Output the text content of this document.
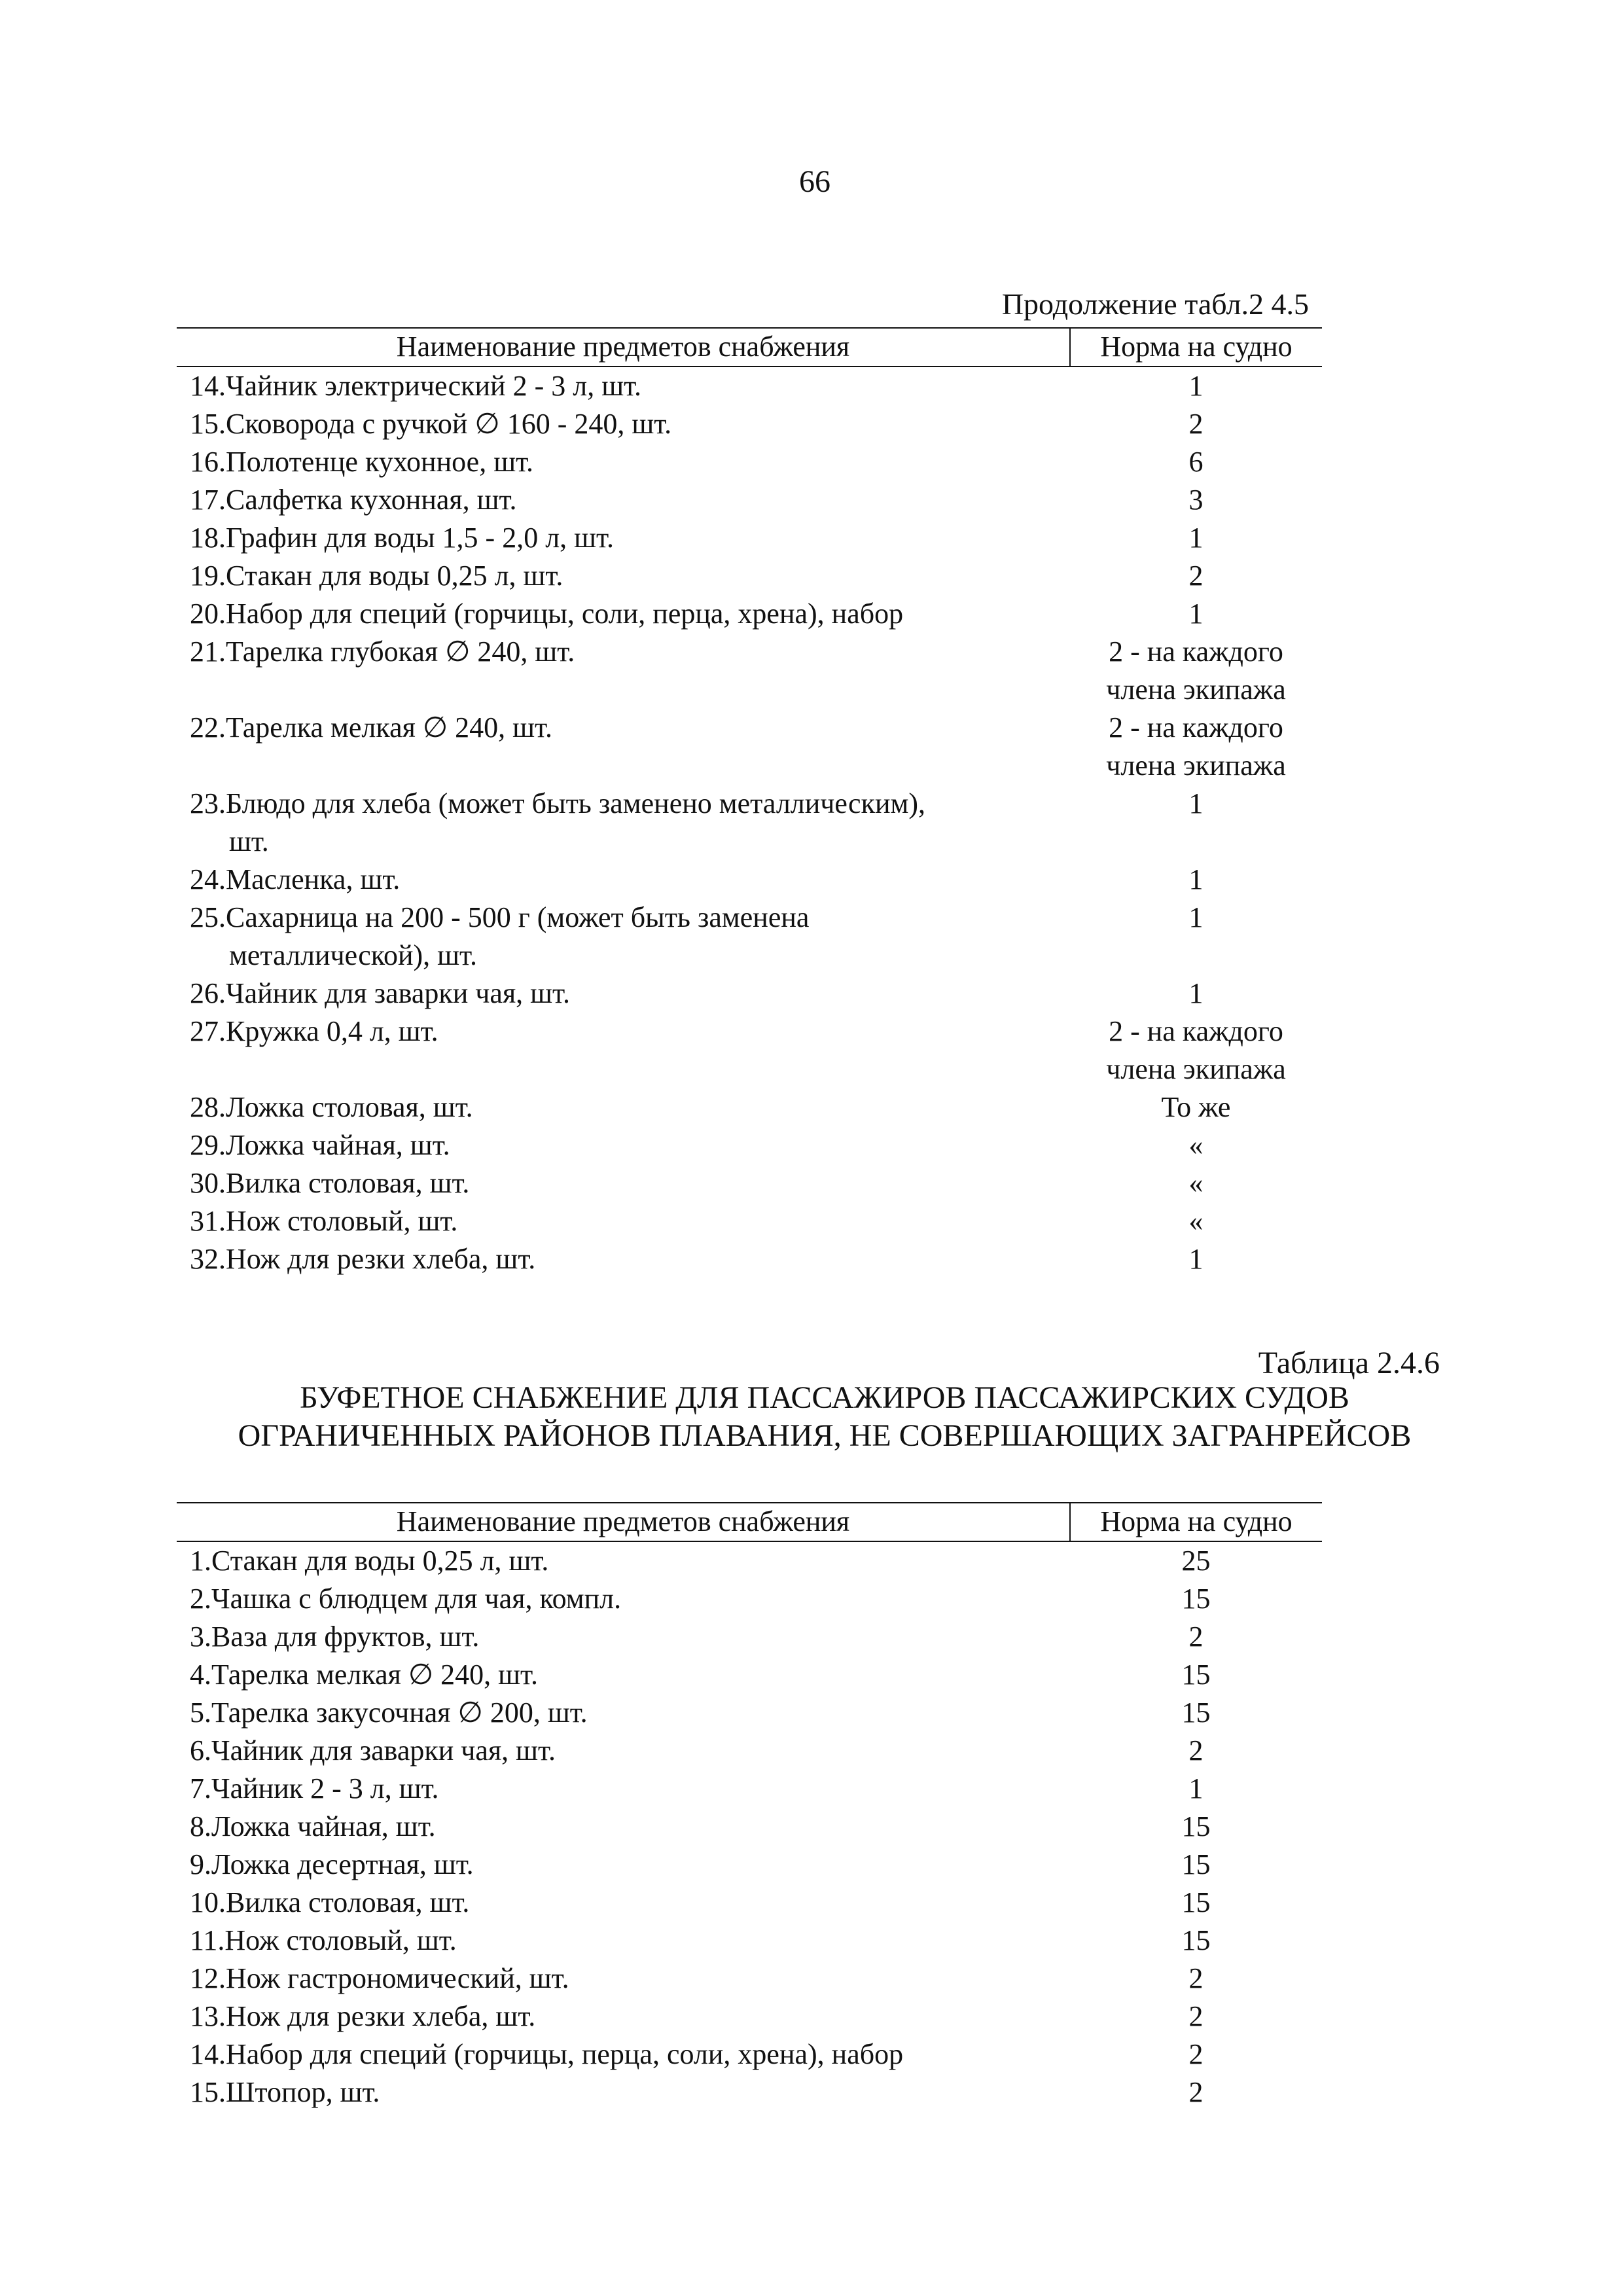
66
Продолжение табл.2 4.5
Наименование предметов снабжения	Норма на судно
14.Чайник электрический 2 - 3 л, шт.	1
15.Сковорода с ручкой ∅ 160 - 240, шт.	2
16.Полотенце кухонное, шт.	6
17.Салфетка кухонная, шт.	3
18.Графин для воды 1,5 - 2,0 л, шт.	1
19.Стакан для воды 0,25 л, шт.	2
20.Набор для специй (горчицы, соли, перца, хрена), набор	1
21.Тарелка глубокая ∅ 240, шт.	2 - на каждого
члена экипажа
22.Тарелка мелкая ∅ 240, шт.	2 - на каждого
члена экипажа
23.Блюдо для хлеба (может быть заменено металлическим),
шт.	1
24.Масленка, шт.	1
25.Сахарница на 200 - 500 г (может быть заменена
металлической), шт.	1
26.Чайник для заварки чая, шт.	1
27.Кружка 0,4 л, шт.	2 - на каждого
члена экипажа
28.Ложка столовая, шт.	То же
29.Ложка чайная, шт.	«
30.Вилка столовая, шт.	«
31.Нож столовый, шт.	«
32.Нож для резки хлеба, шт.	1
Таблица 2.4.6
БУФЕТНОЕ СНАБЖЕНИЕ ДЛЯ ПАССАЖИРОВ ПАССАЖИРСКИХ СУДОВ
ОГРАНИЧЕННЫХ РАЙОНОВ ПЛАВАНИЯ, НЕ СОВЕРШАЮЩИХ ЗАГРАНРЕЙСОВ
Наименование предметов снабжения	Норма на судно
1.Стакан для воды 0,25 л, шт.	25
2.Чашка с блюдцем для чая, компл.	15
3.Ваза для фруктов, шт.	2
4.Тарелка мелкая ∅ 240, шт.	15
5.Тарелка закусочная ∅ 200, шт.	15
6.Чайник для заварки чая, шт.	2
7.Чайник 2 - 3 л, шт.	1
8.Ложка чайная, шт.	15
9.Ложка десертная, шт.	15
10.Вилка столовая, шт.	15
11.Нож столовый, шт.	15
12.Нож гастрономический, шт.	2
13.Нож для резки хлеба, шт.	2
14.Набор для специй (горчицы, перца, соли, хрена), набор	2
15.Штопор, шт.	2
